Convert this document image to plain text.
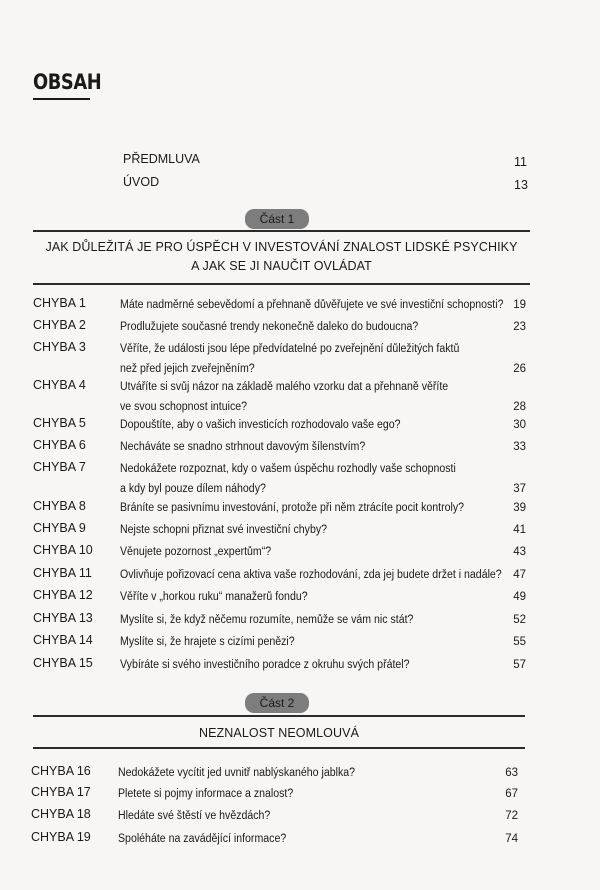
OBSAH
PŘEDMLUVA	11
ÚVOD	13
Část 1
JAK DŮLEŽITÁ JE PRO ÚSPĚCH V INVESTOVÁNÍ ZNALOST LIDSKÉ PSYCHIKY
A JAK SE JI NAUČIT OVLÁDAT
CHYBA 1	Máte nadměrné sebevědomí a přehnaně důvěřujete ve své investiční schopnosti? 19
CHYBA 2	Prodlužujete současné trendy nekonečně daleko do budoucna?	23
CHYBA 3	Věříte, že události jsou lépe předvídatelné po zveřejnění důležitých faktů
než před jejich zveřejněním?	26
CHYBA 4	Utváříte si svůj názor na základě malého vzorku dat a přehnaně věříte
ve svou schopnost intuice?	28
CHYBA 5	Dopouštíte, aby o vašich investicích rozhodovalo vaše ego?	30
CHYBA 6	Necháváte se snadno strhnout davovým šílenstvím?	33
CHYBA 7	Nedokážete rozpoznat, kdy o vašem úspěchu rozhodly vaše schopnosti
a kdy byl pouze dílem náhody?	37
CHYBA 8	Bráníte se pasivnímu investování, protože při něm ztrácíte pocit kontroly?	39
CHYBA 9	Nejste schopni přiznat své investiční chyby?	41
CHYBA 10 Věnujete pozornost „expertům“?	43
CHYBA 11 Ovlivňuje pořizovací cena aktiva vaše rozhodování, zda jej budete držet i nadále?	47
CHYBA 12 Věříte v „horkou ruku“ manažerů fondu?	49
CHYBA 13 Myslíte si, že když něčemu rozumíte, nemůže se vám nic stát?	52
CHYBA 14 Myslíte si, že hrajete s cizími penězi?	55
CHYBA 15 Vybíráte si svého investičního poradce z okruhu svých přátel?	57
Část 2
NEZNALOST NEOMLOUVÁ
CHYBA 16 Nedokážete vycítit jed uvnitř nablýskaného jablka?	63
CHYBA 17 Pletete si pojmy informace a znalost?	67
CHYBA 18 Hledáte své štěstí ve hvězdách?	72
CHYBA 19 Spoléháte na zavádějící informace?	74
